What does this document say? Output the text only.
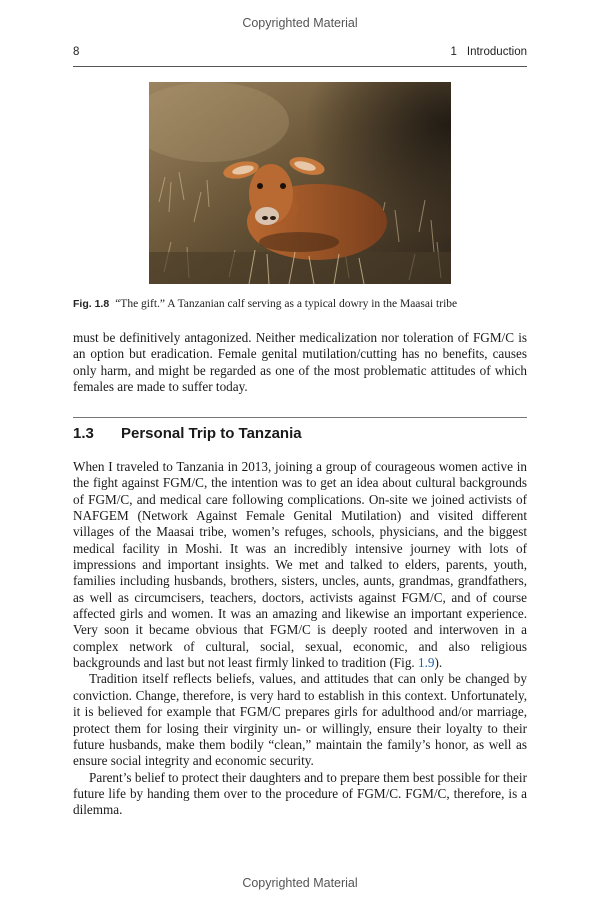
Copyrighted Material
8	1 Introduction
Fig. 1.8 “The gift.” A Tanzanian calf serving as a typical dowry in the Maasai tribe

must be definitively antagonized. Neither medicalization nor toleration of FGM/C is an option but eradication. Female genital mutilation/cutting has no benefits, causes only harm, and might be regarded as one of the most problematic attitudes of which females are made to suffer today.

1.3 Personal Trip to Tanzania

When I traveled to Tanzania in 2013, joining a group of courageous women active in the fight against FGM/C, the intention was to get an idea about cultural backgrounds of FGM/C, and medical care following complications. On-site we joined activists of NAFGEM (Network Against Female Genital Mutilation) and visited different villages of the Maasai tribe, women’s refuges, schools, physicians, and the biggest medical facility in Moshi. It was an incredibly intensive journey with lots of impressions and important insights. We met and talked to elders, parents, youth, families including husbands, brothers, sisters, uncles, aunts, grandmas, grandfathers, as well as circumcisers, teachers, doctors, activists against FGM/C, and of course affected girls and women. It was an amazing and likewise an important experience. Very soon it became obvious that FGM/C is deeply rooted and interwoven in a complex network of cultural, social, sexual, economic, and also religious backgrounds and last but not least firmly linked to tradition (Fig. 1.9).

Tradition itself reflects beliefs, values, and attitudes that can only be changed by conviction. Change, therefore, is very hard to establish in this context. Unfortunately, it is believed for example that FGM/C prepares girls for adulthood and/or marriage, protect them for losing their virginity un- or willingly, ensure their loyalty to their future husbands, make them bodily “clean,” maintain the family’s honor, as well as ensure social integrity and economic security.

Parent’s belief to protect their daughters and to prepare them best possible for their future life by handing them over to the procedure of FGM/C. FGM/C, therefore, is a dilemma.

Copyrighted Material
